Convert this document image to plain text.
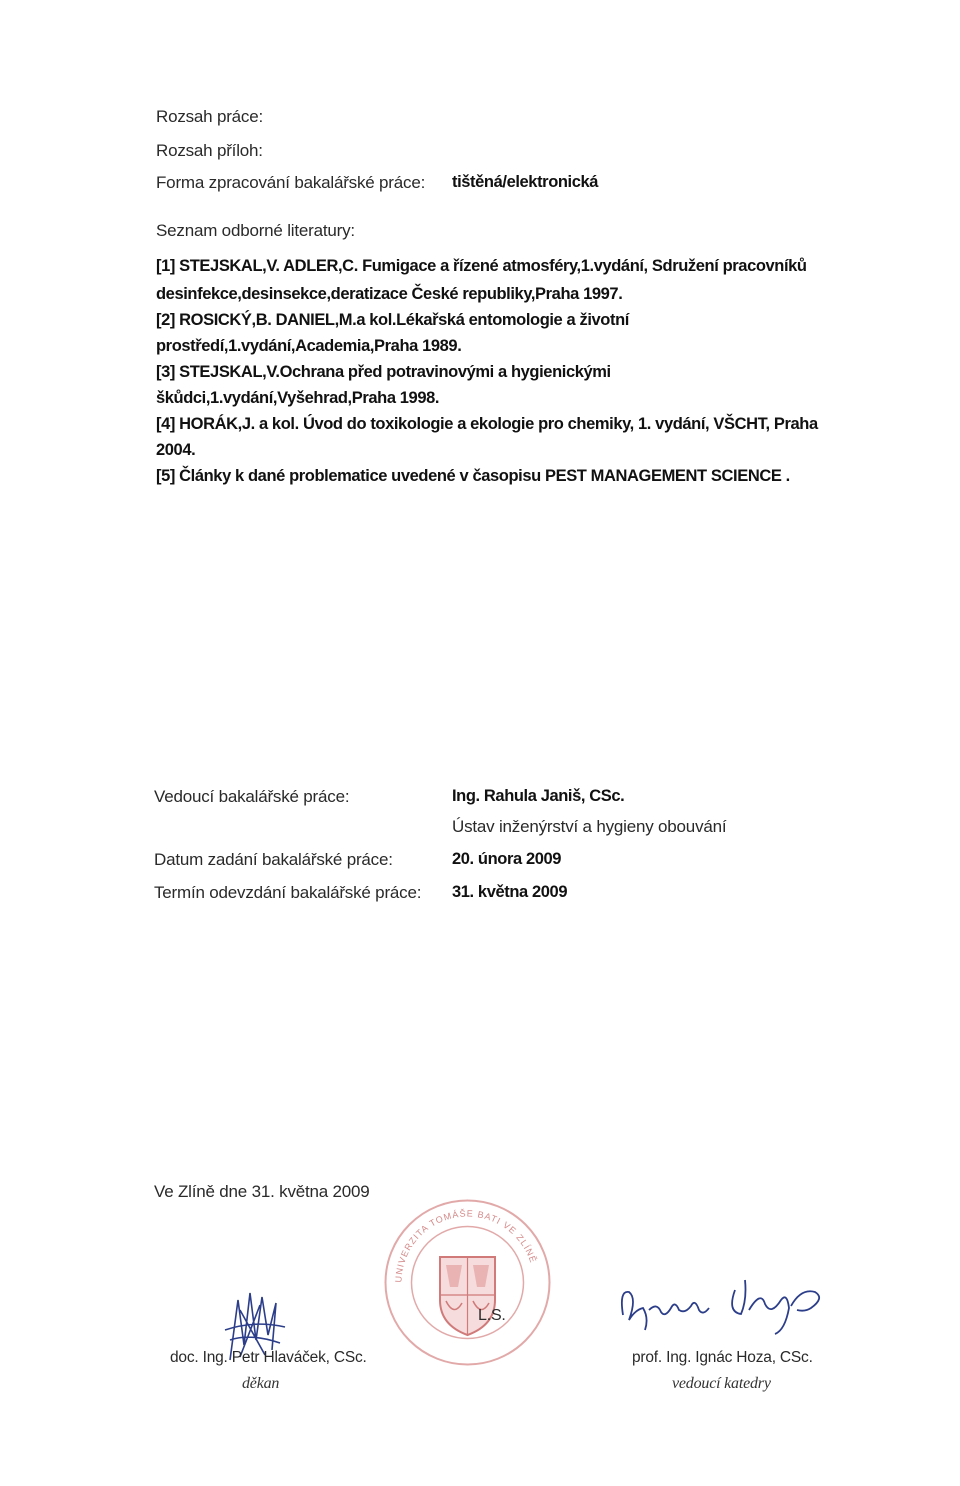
Rozsah práce:
Rozsah příloh:
Forma zpracování bakalářské práce: tištěná/elektronická
Seznam odborné literatury:
[1] STEJSKAL,V. ADLER,C. Fumigace a řízené atmosféry,1.vydání, Sdružení pracovníků
desinfekce,desinsekce,deratizace České republiky,Praha 1997.
[2] ROSICKÝ,B. DANIEL,M.a kol.Lékařská entomologie a životní
prostředí,1.vydání,Academia,Praha 1989.
[3] STEJSKAL,V.Ochrana před potravinovými a hygienickými
škůdci,1.vydání,Vyšehrad,Praha 1998.
[4] HORÁK,J. a kol. Úvod do toxikologie a ekologie pro chemiky, 1. vydání, VŠCHT, Praha
2004.
[5] Články k dané problematice uvedené v časopisu PEST MANAGEMENT SCIENCE .
Vedoucí bakalářské práce:	Ing. Rahula Janiš, CSc.
Ústav inženýrství a hygieny obouvání
Datum zadání bakalářské práce:	20. února 2009
Termín odevzdání bakalářské práce: 31. května 2009
Ve Zlíně dne 31. května 2009
UNIVERZITA TOMÁŠE BATI VE ZLÍNĚ
L.S.
doc. Ing. Petr Hlaváček, CSc.
děkan
prof. Ing. Ignác Hoza, CSc.
vedoucí katedry
